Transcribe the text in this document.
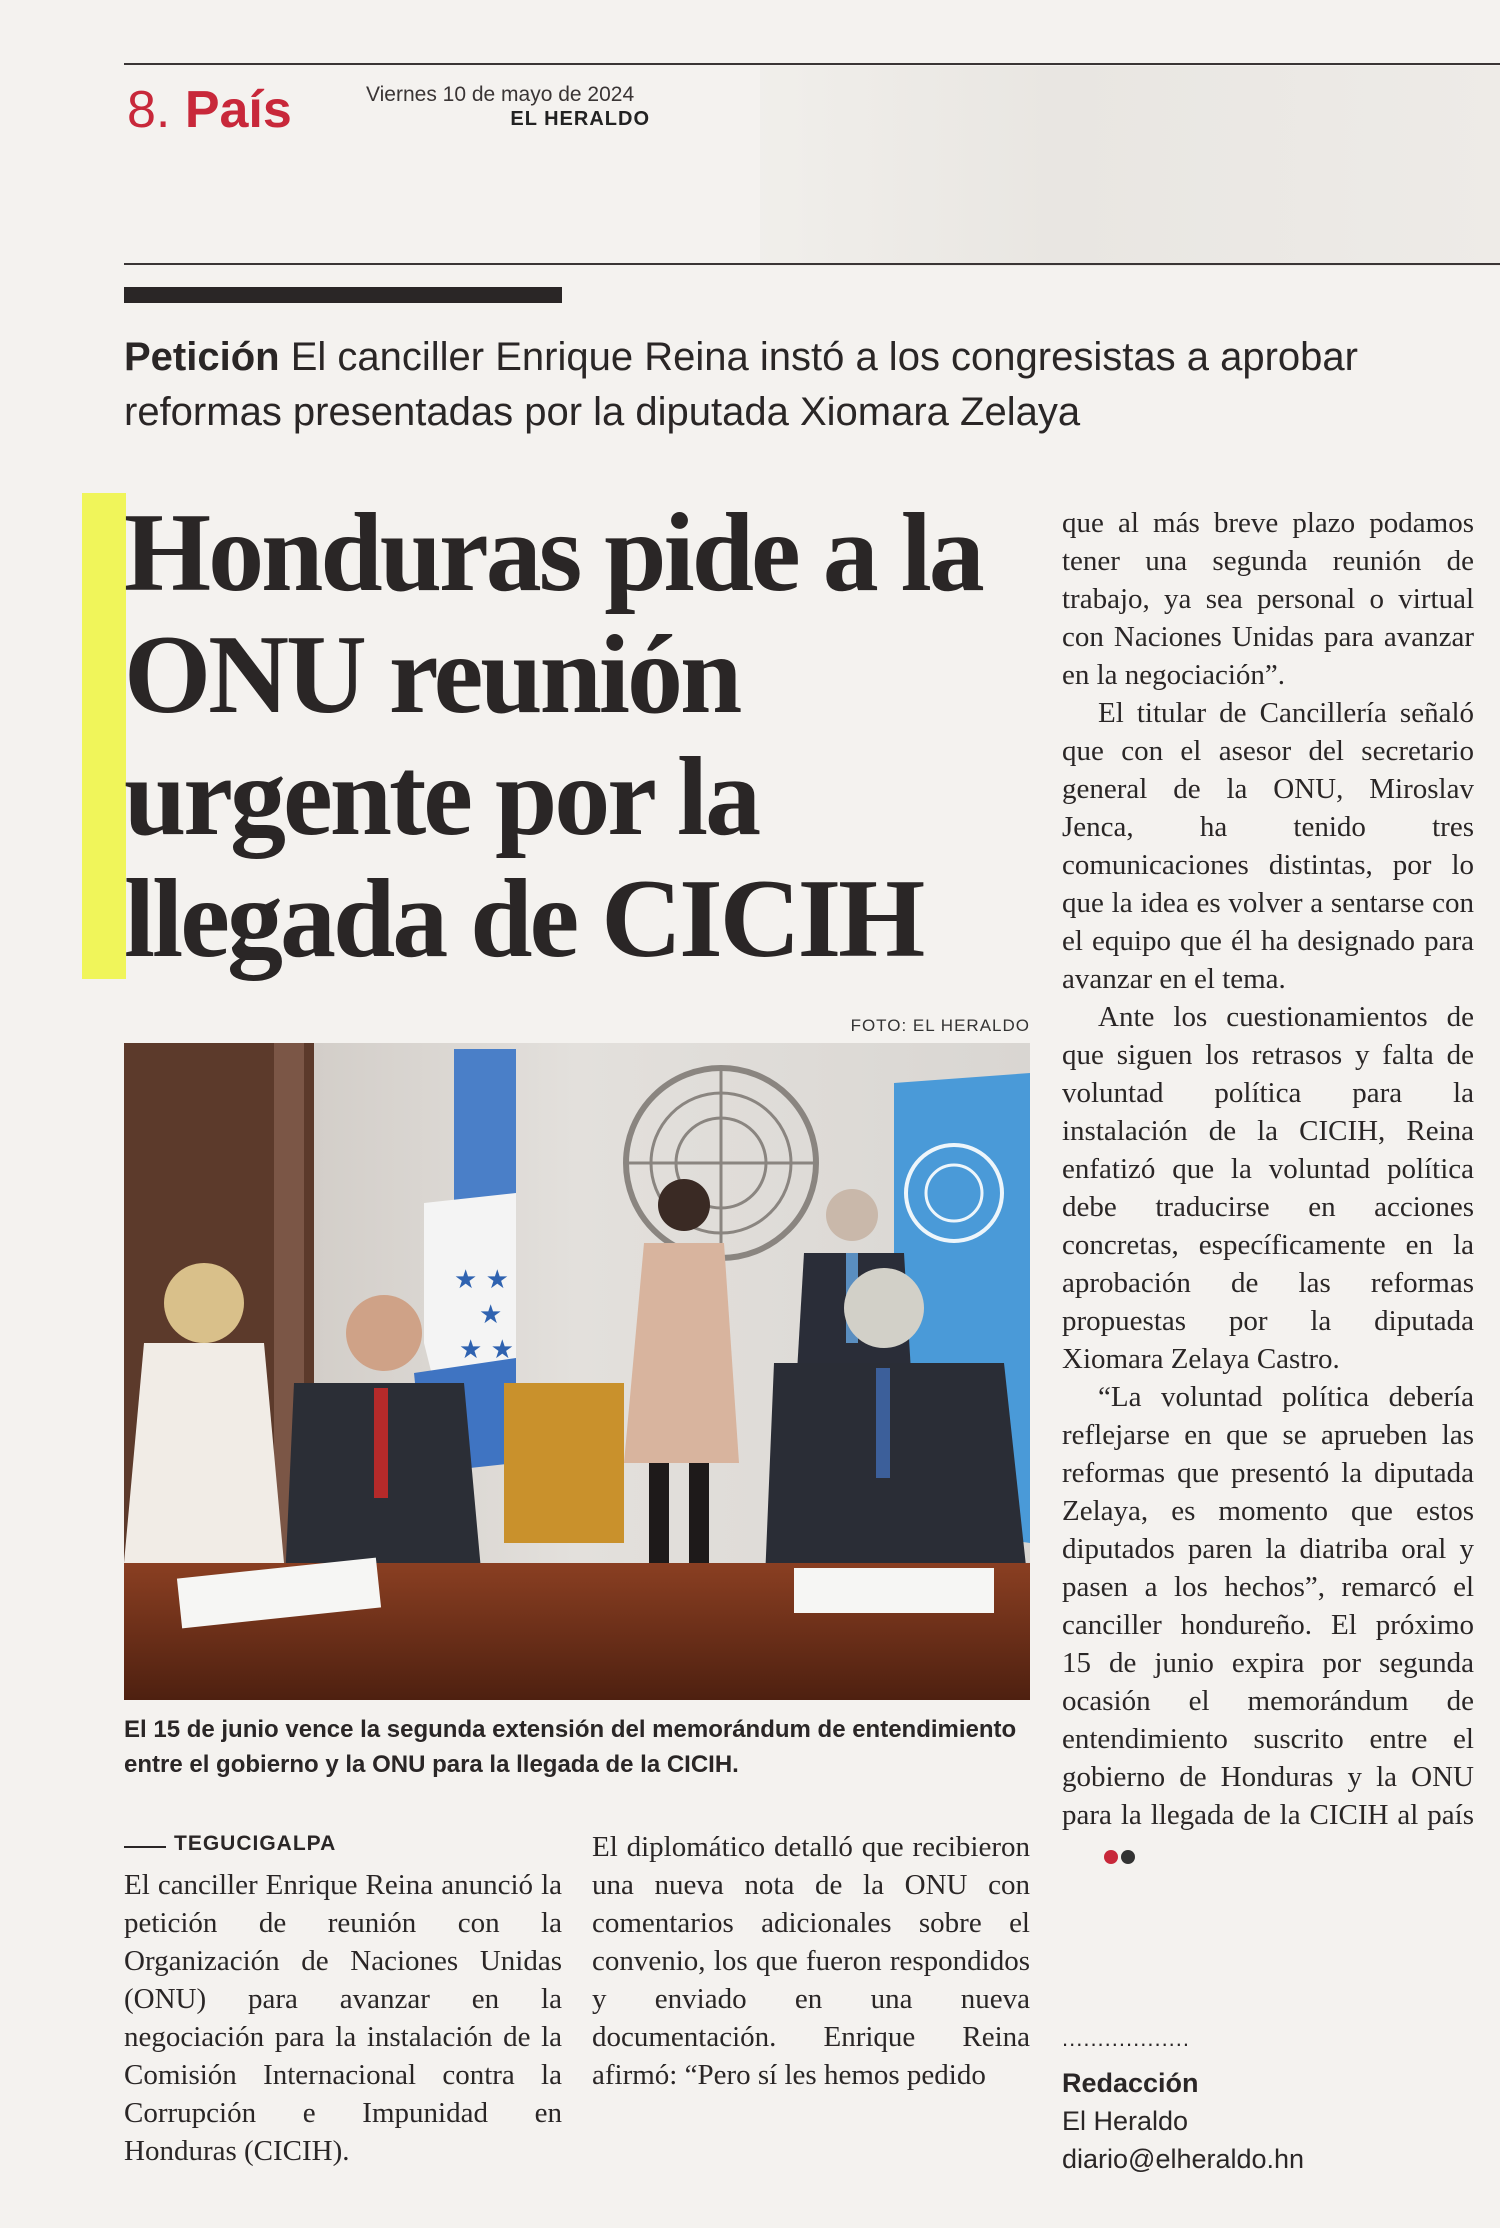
8. País	Viernes 10 de mayo de 2024
EL HERALDO
Petición El canciller Enrique Reina instó a los congresistas a aprobar reformas presentadas por la diputada Xiomara Zelaya
Honduras pide a la ONU reunión urgente por la llegada de CICIH
FOTO: EL HERALDO
★ ★
★
★ ★
El 15 de junio vence la segunda extensión del memorándum de entendimiento entre el gobierno y la ONU para la llegada de la CICIH.
TEGUCIGALPA

El canciller Enrique Reina anunció la petición de reunión con la Organización de Naciones Unidas (ONU) para avanzar en la negociación para la instalación de la Comisión Internacional contra la Corrupción e Impunidad en Honduras (CICIH).

El diplomático detalló que recibieron una nueva nota de la ONU con comentarios adicionales sobre el convenio, los que fueron respondidos y enviado en una nueva documentación. Enrique Reina afirmó: “Pero sí les hemos pedido

que al más breve plazo podamos tener una segunda reunión de trabajo, ya sea personal o virtual con Naciones Unidas para avanzar en la negociación”.

El titular de Cancillería señaló que con el asesor del secretario general de la ONU, Miroslav Jenca, ha tenido tres comunicaciones distintas, por lo que la idea es volver a sentarse con el equipo que él ha designado para avanzar en el tema.

Ante los cuestionamientos de que siguen los retrasos y falta de voluntad política para la instalación de la CICIH, Reina enfatizó que la voluntad política debe traducirse en acciones concretas, específicamente en la aprobación de las reformas propuestas por la diputada Xiomara Zelaya Castro.

“La voluntad política debería reflejarse en que se aprueben las reformas que presentó la diputada Zelaya, es momento que estos diputados paren la diatriba oral y pasen a los hechos”, remarcó el canciller hondureño. El próximo 15 de junio expira por segunda ocasión el memorándum de entendimiento suscrito entre el gobierno de Honduras y la ONU para la llegada de la CICIH al país

..................
Redacción
El Heraldo
diario@elheraldo.hn
